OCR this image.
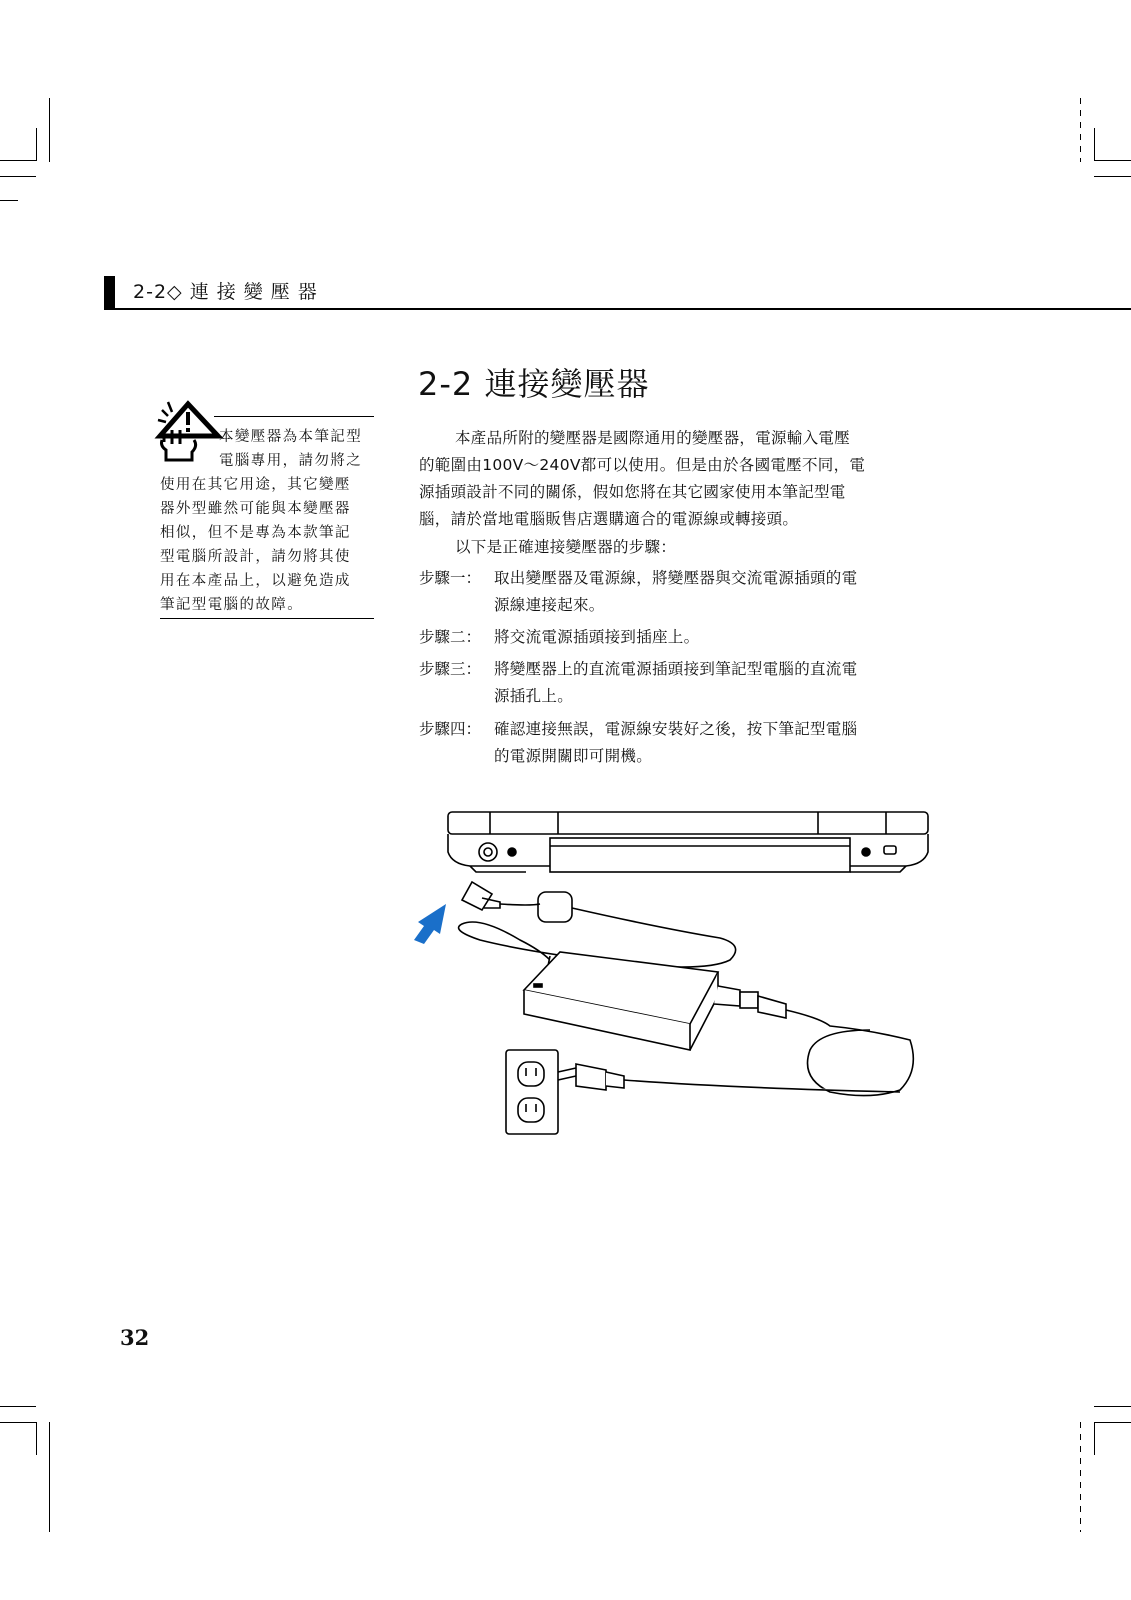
2-2◇ 連接變壓器
2-2 連接變壓器
本變壓器為本筆記型
電腦專用，請勿將之
使用在其它用途，其它變壓
器外型雖然可能與本變壓器
相似，但不是專為本款筆記
型電腦所設計，請勿將其使
用在本產品上，以避免造成
筆記型電腦的故障。
本產品所附的變壓器是國際通用的變壓器，電源輸入電壓
的範圍由100V～240V都可以使用。但是由於各國電壓不同，電
源插頭設計不同的關係，假如您將在其它國家使用本筆記型電
腦，請於當地電腦販售店選購適合的電源線或轉接頭。
以下是正確連接變壓器的步驟：
步驟一： 取出變壓器及電源線，將變壓器與交流電源插頭的電
源線連接起來。
步驟二： 將交流電源插頭接到插座上。
步驟三： 將變壓器上的直流電源插頭接到筆記型電腦的直流電
源插孔上。
步驟四： 確認連接無誤，電源線安裝好之後，按下筆記型電腦
的電源開關即可開機。
32
